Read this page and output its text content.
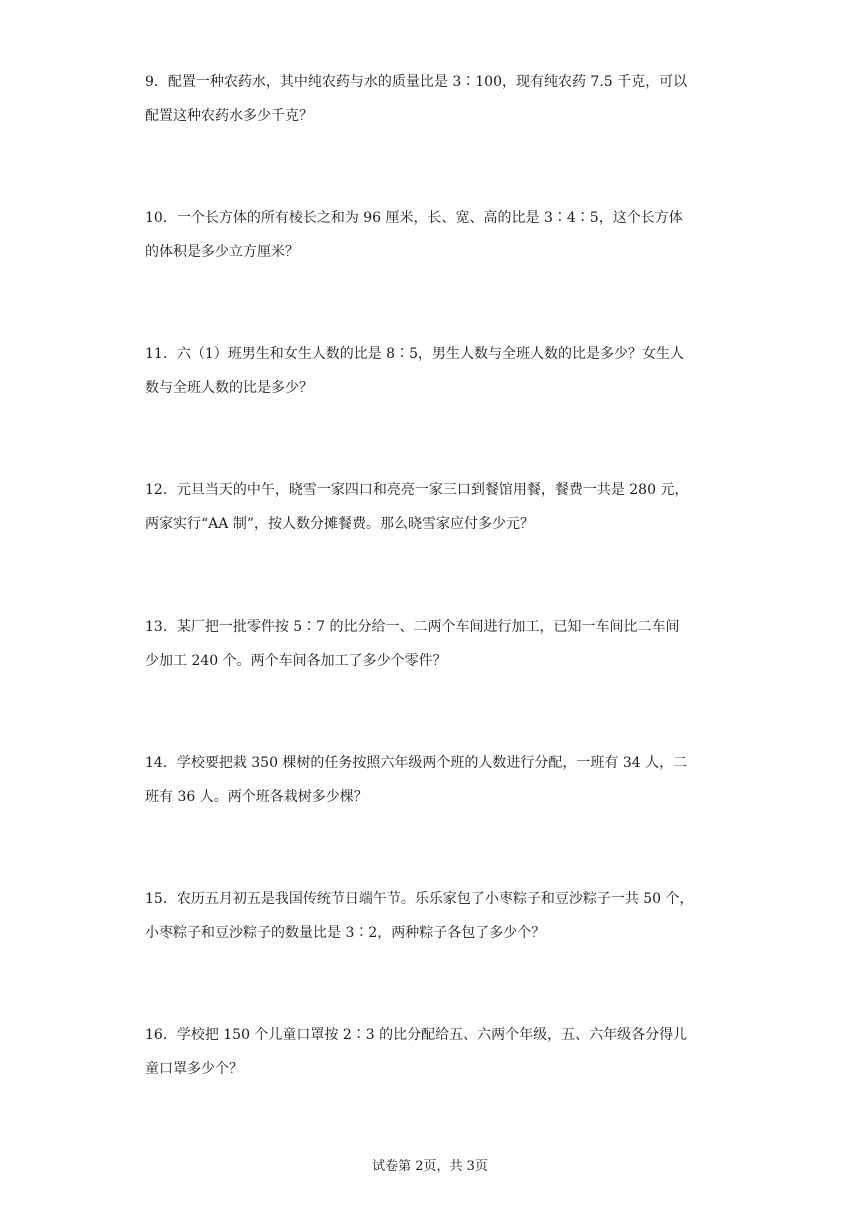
9．配置一种农药水，其中纯农药与水的质量比是 3∶100，现有纯农药 7.5 千克，可以
配置这种农药水多少千克？
10．一个长方体的所有棱长之和为 96 厘米，长、宽、高的比是 3∶4∶5，这个长方体
的体积是多少立方厘米？
11．六（1）班男生和女生人数的比是 8∶5，男生人数与全班人数的比是多少？女生人
数与全班人数的比是多少？
12．元旦当天的中午，晓雪一家四口和亮亮一家三口到餐馆用餐，餐费一共是 280 元，
两家实行“AA 制”，按人数分摊餐费。那么晓雪家应付多少元？
13．某厂把一批零件按 5∶7 的比分给一、二两个车间进行加工，已知一车间比二车间
少加工 240 个。两个车间各加工了多少个零件？
14．学校要把栽 350 棵树的任务按照六年级两个班的人数进行分配，一班有 34 人，二
班有 36 人。两个班各栽树多少棵？
15．农历五月初五是我国传统节日端午节。乐乐家包了小枣粽子和豆沙粽子一共 50 个，
小枣粽子和豆沙粽子的数量比是 3∶2，两种粽子各包了多少个？
16．学校把 150 个儿童口罩按 2∶3 的比分配给五、六两个年级，五、六年级各分得儿
童口罩多少个？
试卷第 2页，共 3页
